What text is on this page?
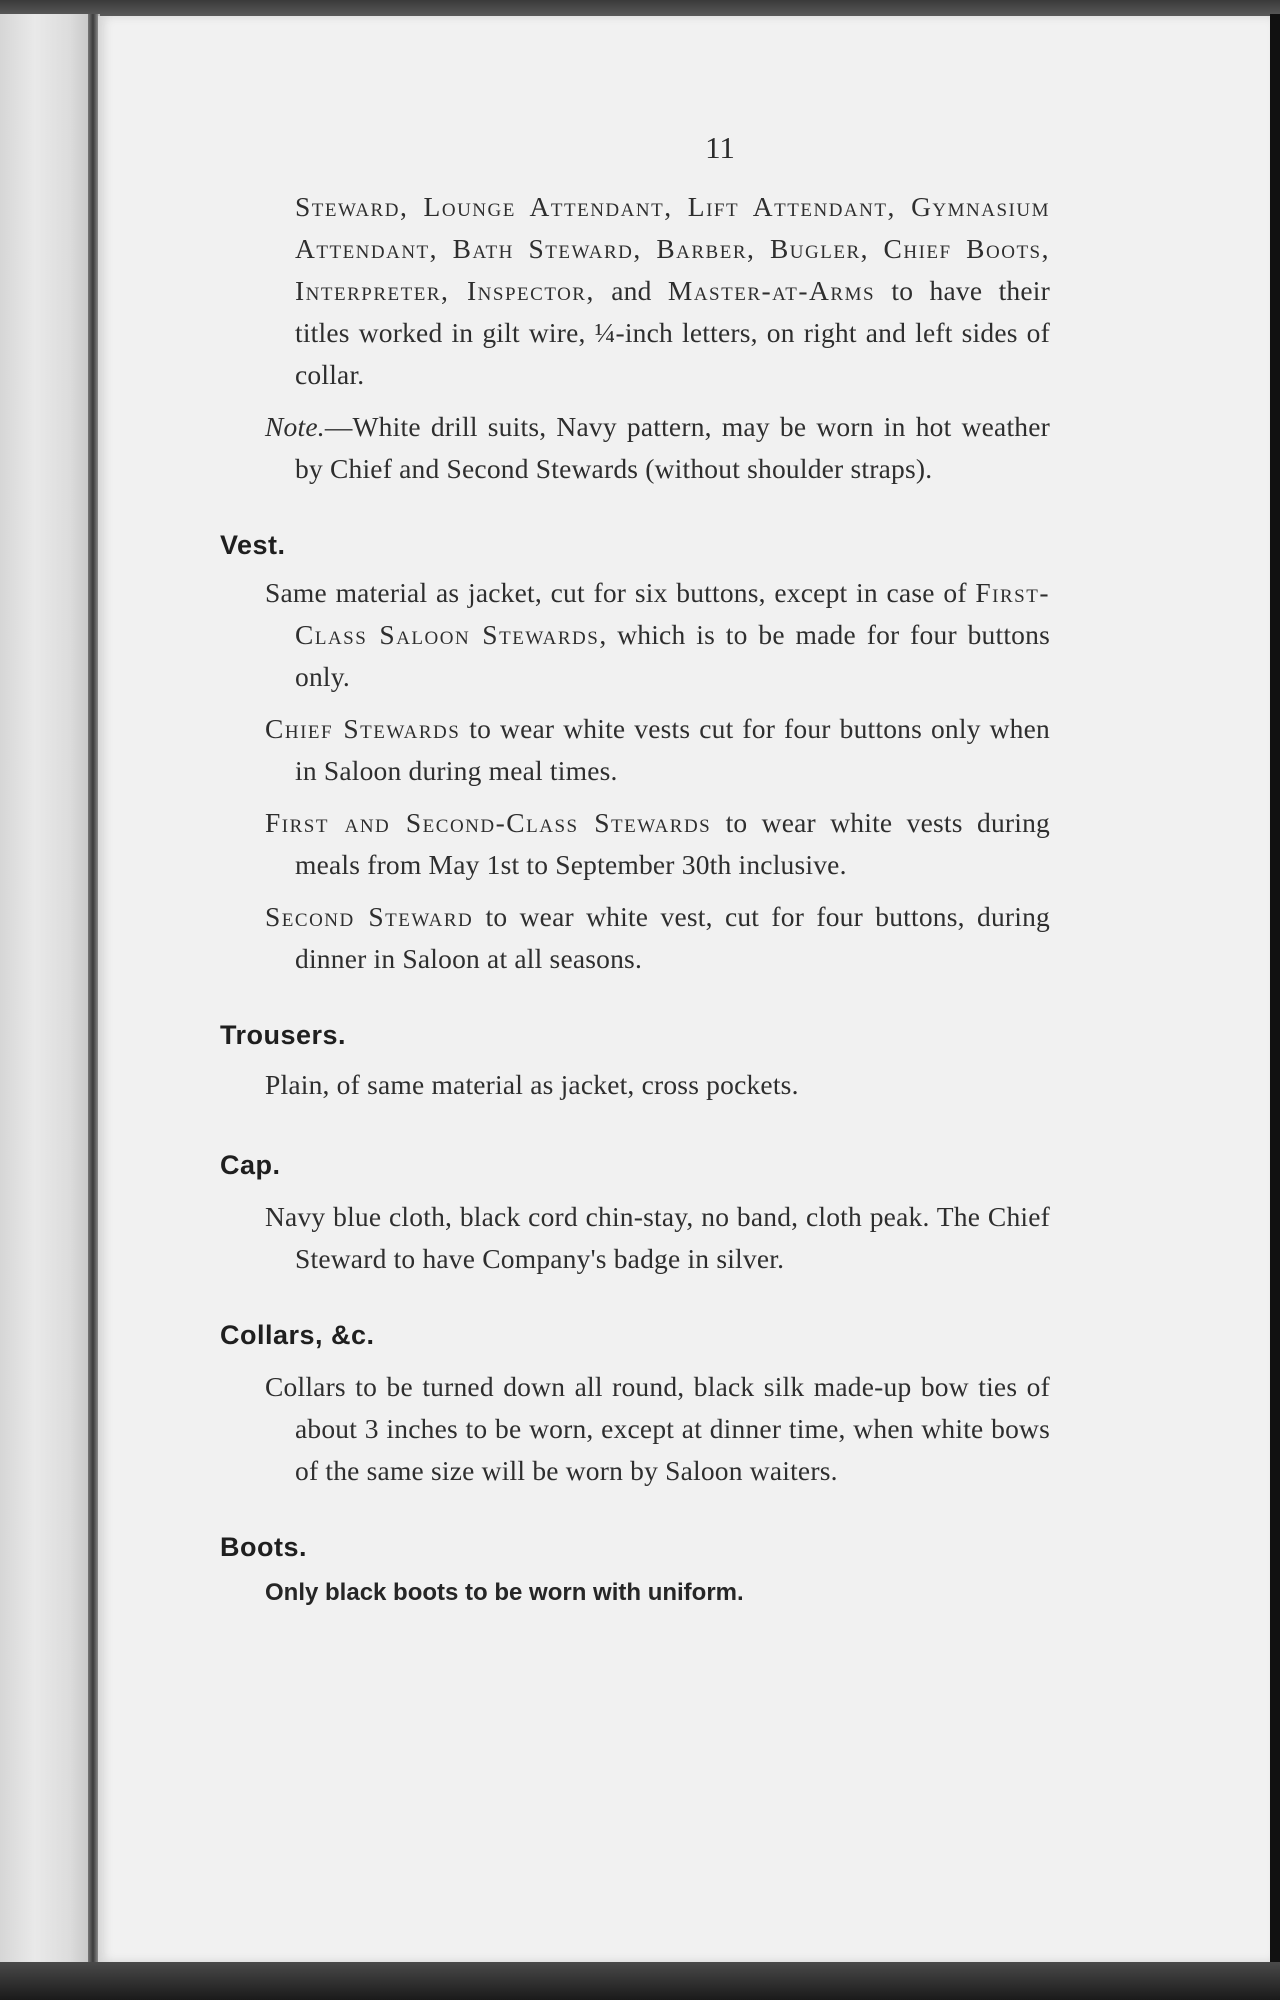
11

Steward, Lounge Attendant, Lift Attendant, Gymnasium Attendant, Bath Steward, Barber, Bugler, Chief Boots, Interpreter, Inspector, and Master-at-Arms to have their titles worked in gilt wire, ¼-inch letters, on right and left sides of collar.

Note.—White drill suits, Navy pattern, may be worn in hot weather by Chief and Second Stewards (without shoulder straps).

Vest.

Same material as jacket, cut for six buttons, except in case of First-Class Saloon Stewards, which is to be made for four buttons only.

Chief Stewards to wear white vests cut for four buttons only when in Saloon during meal times.

First and Second-Class Stewards to wear white vests during meals from May 1st to September 30th inclusive.

Second Steward to wear white vest, cut for four buttons, during dinner in Saloon at all seasons.

Trousers.

Plain, of same material as jacket, cross pockets.

Cap.

Navy blue cloth, black cord chin-stay, no band, cloth peak. The Chief Steward to have Company's badge in silver.

Collars, &c.

Collars to be turned down all round, black silk made-up bow ties of about 3 inches to be worn, except at dinner time, when white bows of the same size will be worn by Saloon waiters.

Boots.

Only black boots to be worn with uniform.
